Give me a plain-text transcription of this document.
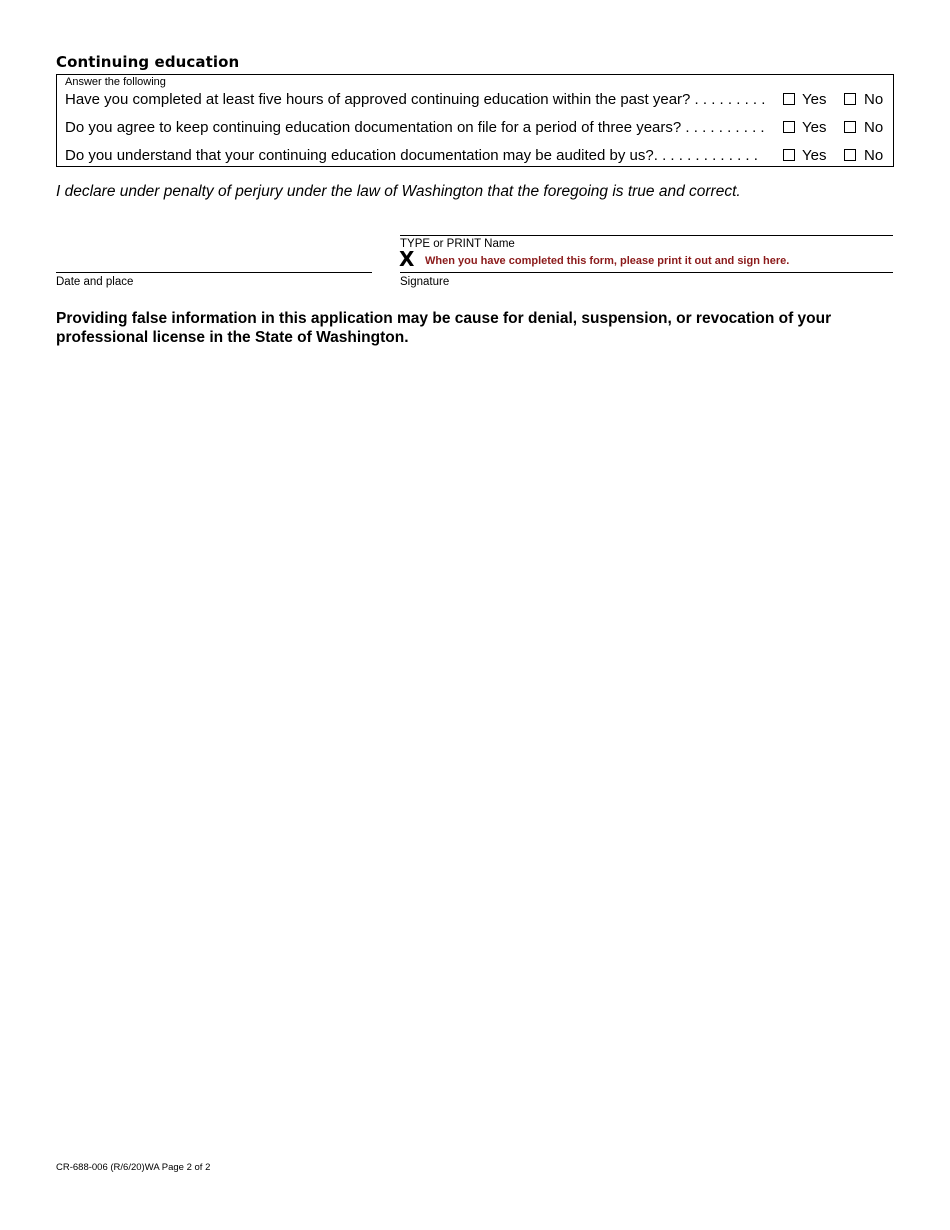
Continuing education
Answer the following
Have you completed at least five hours of approved continuing education within the past year? . . . . . . . . . Yes	No
Do you agree to keep continuing education documentation on file for a period of three years? . . . . . . . . . . Yes	No
Do you understand that your continuing education documentation may be audited by us?. . . . . . . . . . . . .	Yes	No
I declare under penalty of perjury under the law of Washington that the foregoing is true and correct.
TYPE or PRINT Name
X When you have completed this form, please print it out and sign here.
Date and place	Signature
Providing false information in this application may be cause for denial, suspension, or revocation of your professional license in the State of Washington.
CR-688-006 (R/6/20)WA Page 2 of 2
